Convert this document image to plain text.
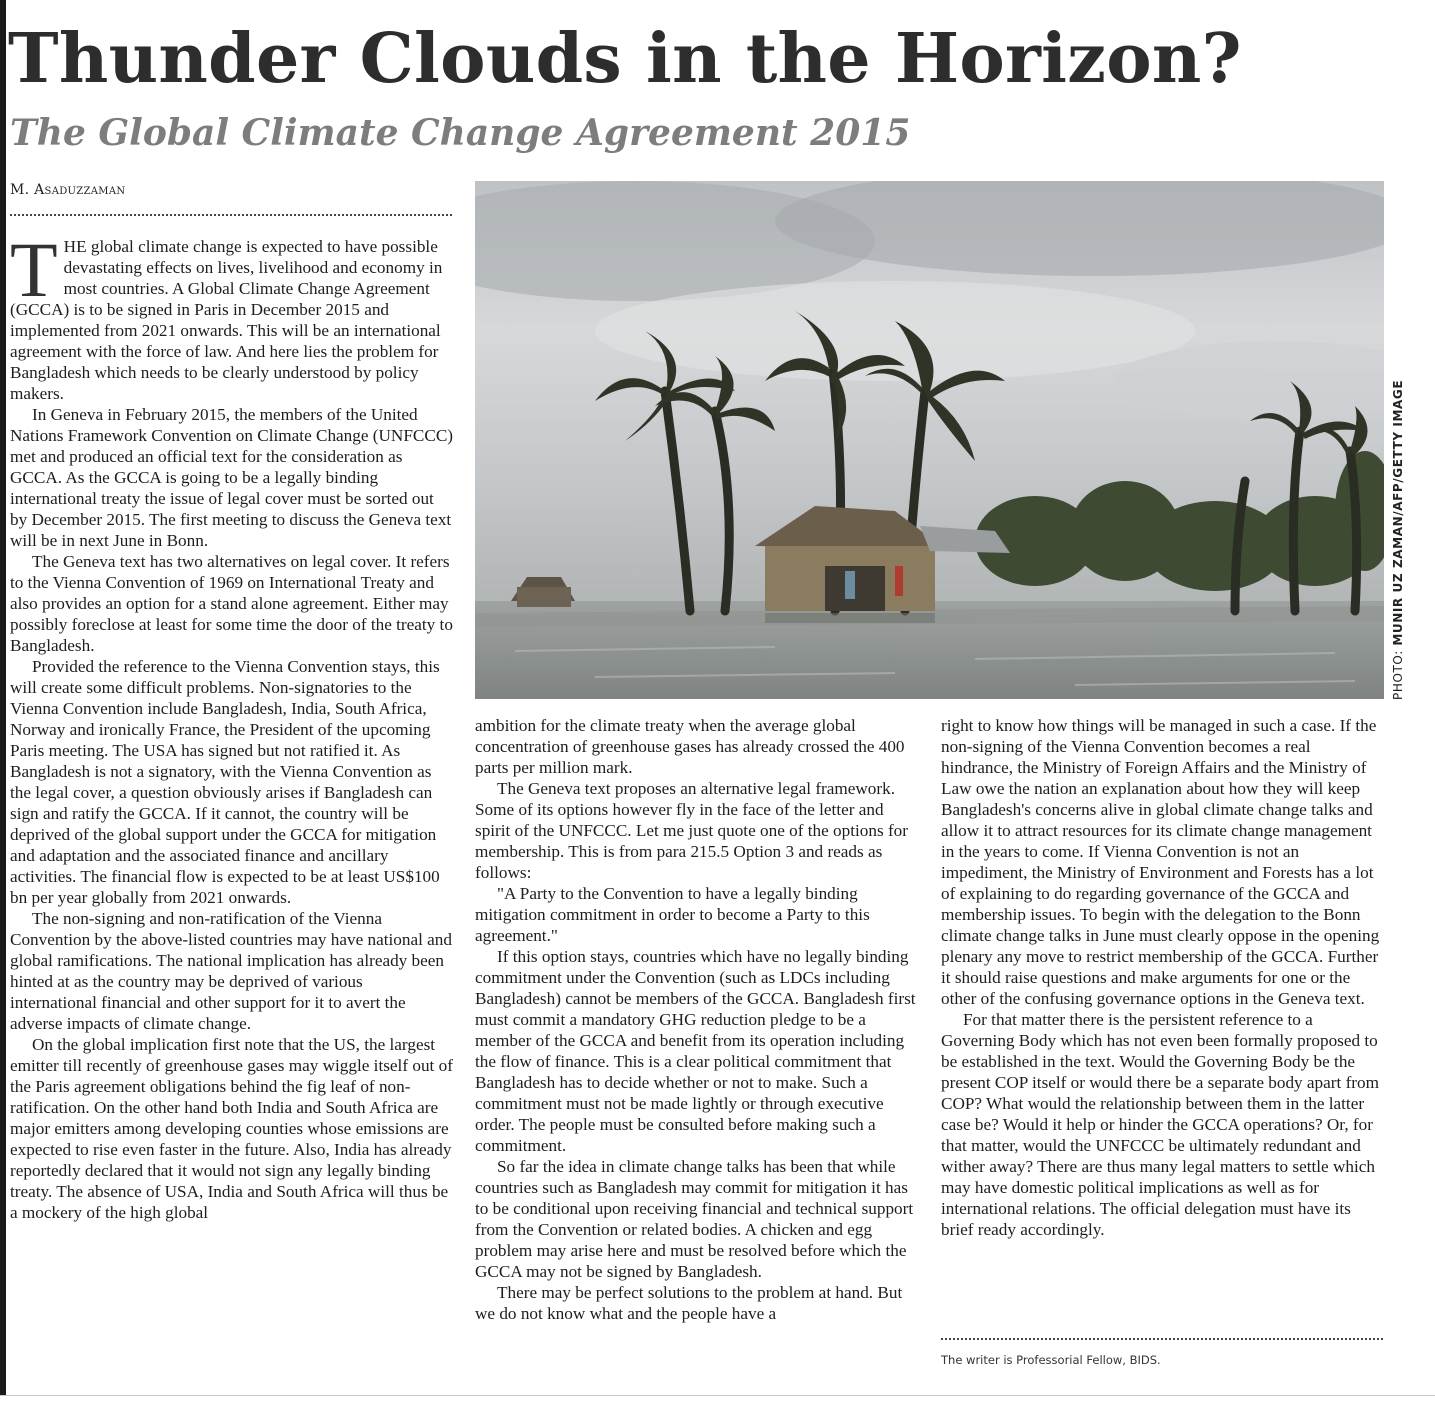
Thunder Clouds in the Horizon?
The Global Climate Change Agreement 2015
M. Asaduzzaman

THE global climate change is expected to have possible devastating effects on lives, livelihood and economy in most countries. A Global Climate Change Agreement (GCCA) is to be signed in Paris in December 2015 and implemented from 2021 onwards. This will be an international agreement with the force of law. And here lies the problem for Bangladesh which needs to be clearly understood by policy makers.

In Geneva in February 2015, the members of the United Nations Framework Convention on Climate Change (UNFCCC) met and produced an official text for the consideration as GCCA. As the GCCA is going to be a legally binding international treaty the issue of legal cover must be sorted out by December 2015. The first meeting to discuss the Geneva text will be in next June in Bonn.

The Geneva text has two alternatives on legal cover. It refers to the Vienna Convention of 1969 on International Treaty and also provides an option for a stand alone agreement. Either may possibly foreclose at least for some time the door of the treaty to Bangladesh.

Provided the reference to the Vienna Convention stays, this will create some difficult problems. Non-signatories to the Vienna Convention include Bangladesh, India, South Africa, Norway and ironically France, the President of the upcoming Paris meeting. The USA has signed but not ratified it. As Bangladesh is not a signatory, with the Vienna Convention as the legal cover, a question obviously arises if Bangladesh can sign and ratify the GCCA. If it cannot, the country will be deprived of the global support under the GCCA for mitigation and adaptation and the associated finance and ancillary activities. The financial flow is expected to be at least US$100 bn per year globally from 2021 onwards.

The non-signing and non-ratification of the Vienna Convention by the above-listed countries may have national and global ramifications. The national implication has already been hinted at as the country may be deprived of various international financial and other support for it to avert the adverse impacts of climate change.

On the global implication first note that the US, the largest emitter till recently of greenhouse gases may wiggle itself out of the Paris agreement obligations behind the fig leaf of non-ratification. On the other hand both India and South Africa are major emitters among developing counties whose emissions are expected to rise even faster in the future. Also, India has already reportedly declared that it would not sign any legally binding treaty. The absence of USA, India and South Africa will thus be a mockery of the high global

PHOTO: MUNIR UZ ZAMAN/AFP/GETTY IMAGE

ambition for the climate treaty when the average global concentration of greenhouse gases has already crossed the 400 parts per million mark.

The Geneva text proposes an alternative legal framework. Some of its options however fly in the face of the letter and spirit of the UNFCCC. Let me just quote one of the options for membership. This is from para 215.5 Option 3 and reads as follows:

"A Party to the Convention to have a legally binding mitigation commitment in order to become a Party to this agreement."

If this option stays, countries which have no legally binding commitment under the Convention (such as LDCs including Bangladesh) cannot be members of the GCCA. Bangladesh first must commit a mandatory GHG reduction pledge to be a member of the GCCA and benefit from its operation including the flow of finance. This is a clear political commitment that Bangladesh has to decide whether or not to make. Such a commitment must not be made lightly or through executive order. The people must be consulted before making such a commitment.

So far the idea in climate change talks has been that while countries such as Bangladesh may commit for mitigation it has to be conditional upon receiving financial and technical support from the Convention or related bodies. A chicken and egg problem may arise here and must be resolved before which the GCCA may not be signed by Bangladesh.

There may be perfect solutions to the problem at hand. But we do not know what and the people have a

right to know how things will be managed in such a case. If the non-signing of the Vienna Convention becomes a real hindrance, the Ministry of Foreign Affairs and the Ministry of Law owe the nation an explanation about how they will keep Bangladesh's concerns alive in global climate change talks and allow it to attract resources for its climate change management in the years to come. If Vienna Convention is not an impediment, the Ministry of Environment and Forests has a lot of explaining to do regarding governance of the GCCA and membership issues. To begin with the delegation to the Bonn climate change talks in June must clearly oppose in the opening plenary any move to restrict membership of the GCCA. Further it should raise questions and make arguments for one or the other of the confusing governance options in the Geneva text.

For that matter there is the persistent reference to a Governing Body which has not even been formally proposed to be established in the text. Would the Governing Body be the present COP itself or would there be a separate body apart from COP? What would the relationship between them in the latter case be? Would it help or hinder the GCCA operations? Or, for that matter, would the UNFCCC be ultimately redundant and wither away? There are thus many legal matters to settle which may have domestic political implications as well as for international relations. The official delegation must have its brief ready accordingly.

The writer is Professorial Fellow, BIDS.
